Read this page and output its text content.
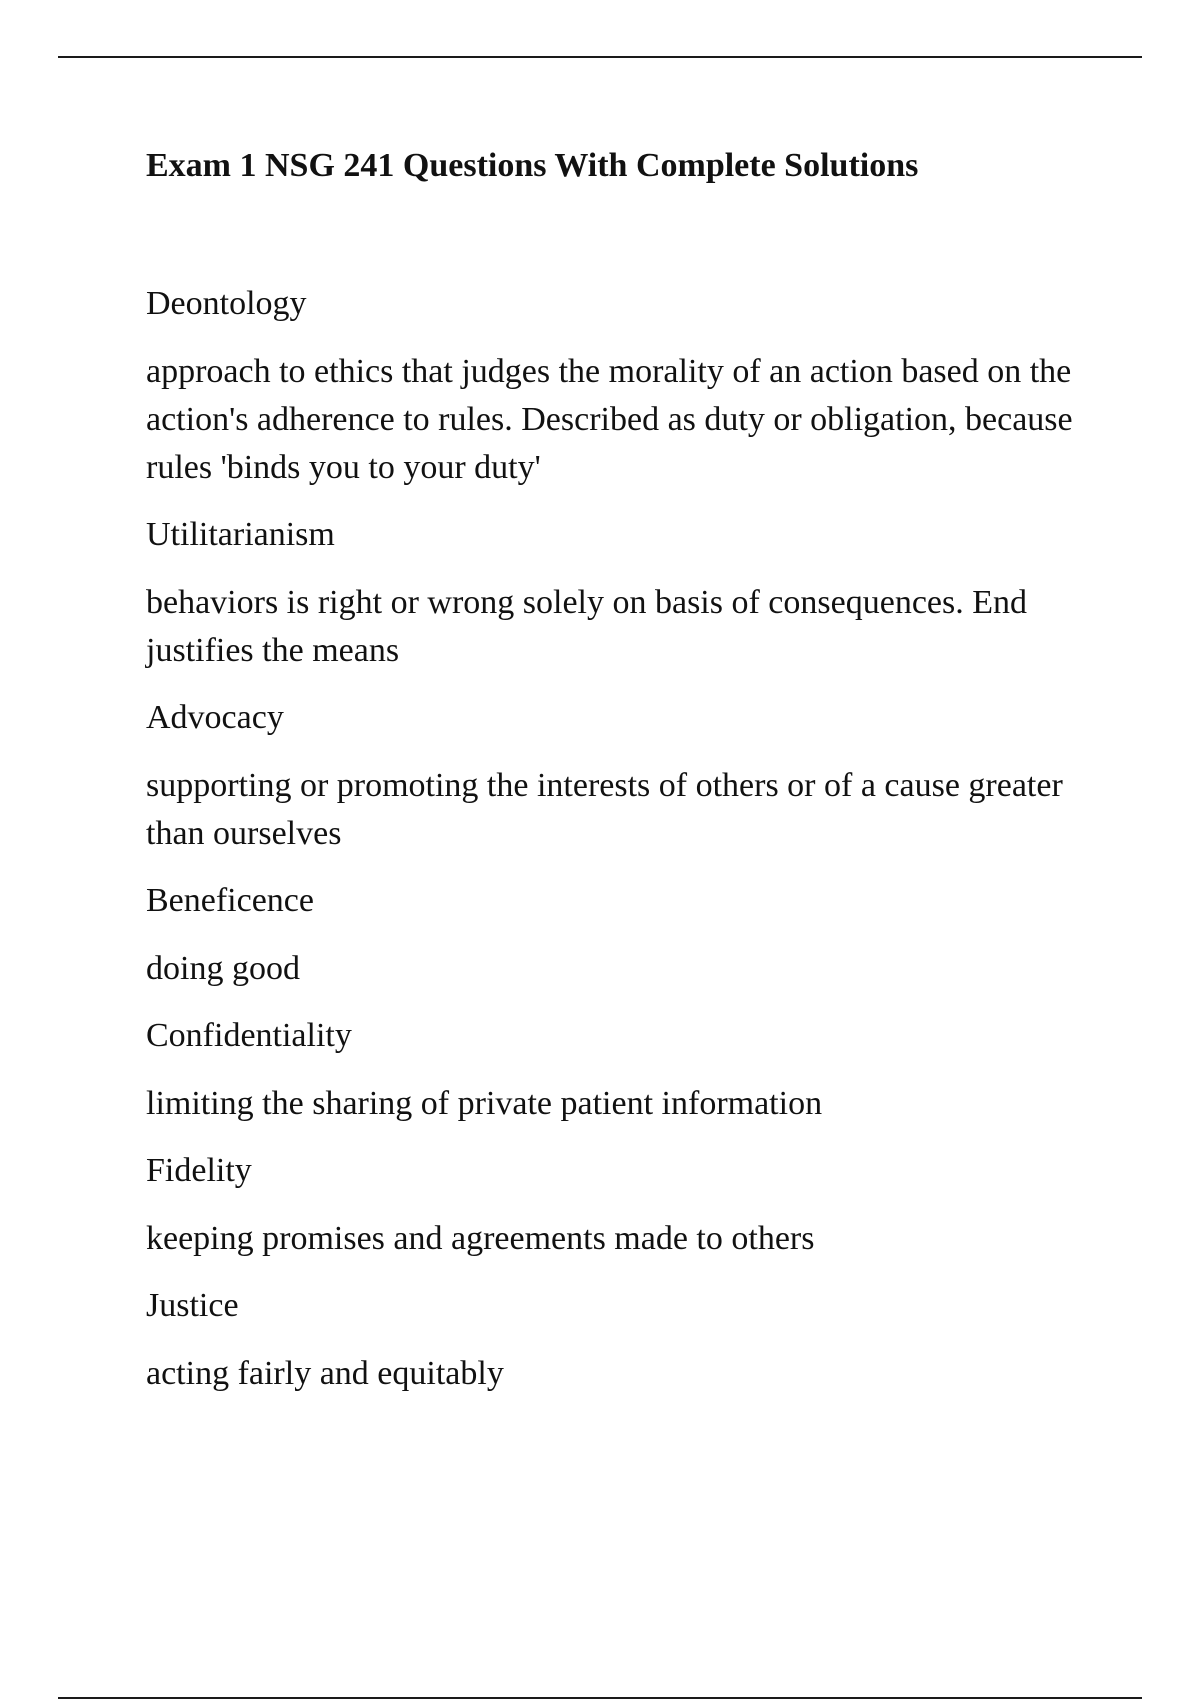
Exam 1 NSG 241 Questions With Complete Solutions

Deontology

approach to ethics that judges the morality of an action based on the action's adherence to rules. Described as duty or obligation, because rules 'binds you to your duty'

Utilitarianism

behaviors is right or wrong solely on basis of consequences. End justifies the means

Advocacy

supporting or promoting the interests of others or of a cause greater than ourselves

Beneficence

doing good

Confidentiality

limiting the sharing of private patient information

Fidelity

keeping promises and agreements made to others

Justice

acting fairly and equitably
